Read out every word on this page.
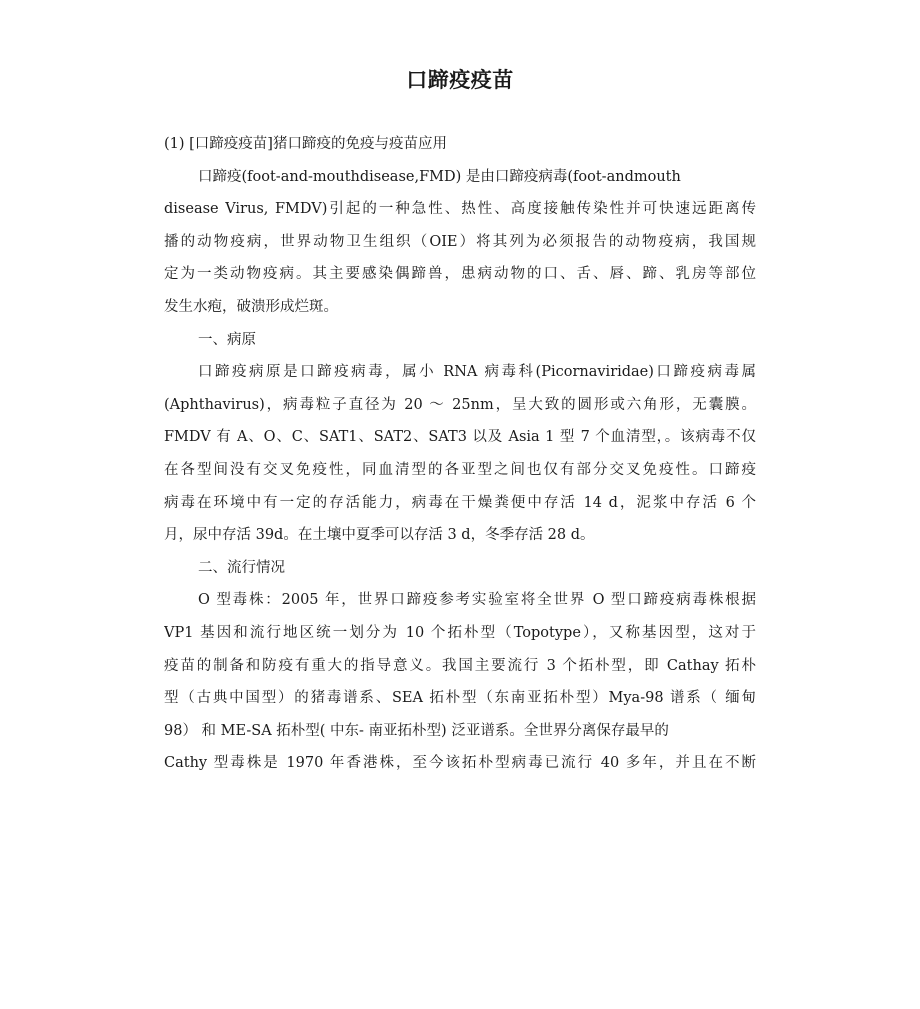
口蹄疫疫苗
(1) [口蹄疫疫苗]猪口蹄疫的免疫与疫苗应用
口蹄疫(foot-and-mouthdisease,FMD) 是由口蹄疫病毒(foot-andmouth
disease Virus, FMDV)引起的一种急性、热性、高度接触传染性并可快速远距离传
播的动物疫病，世界动物卫生组织（OIE）将其列为必须报告的动物疫病，我国规
定为一类动物疫病。其主要感染偶蹄兽，患病动物的口、舌、唇、蹄、乳房等部位
发生水疱，破溃形成烂斑。
一、病原
口蹄疫病原是口蹄疫病毒，属小 RNA 病毒科(Picornaviridae)口蹄疫病毒属
(Aphthavirus)，病毒粒子直径为 20 ～ 25nm，呈大致的圆形或六角形，无囊膜。
FMDV 有 A、O、C、SAT1、SAT2、SAT3 以及 Asia 1 型 7 个血清型，。该病毒不仅
在各型间没有交叉免疫性，同血清型的各亚型之间也仅有部分交叉免疫性。口蹄疫
病毒在环境中有一定的存活能力，病毒在干燥粪便中存活 14 d，泥浆中存活 6 个
月，尿中存活 39d。在土壤中夏季可以存活 3 d，冬季存活 28 d。
二、流行情况
O 型毒株：2005 年，世界口蹄疫参考实验室将全世界 O 型口蹄疫病毒株根据
VP1 基因和流行地区统一划分为 10 个拓朴型（Topotype），又称基因型，这对于
疫苗的制备和防疫有重大的指导意义。我国主要流行 3 个拓朴型，即 Cathay 拓朴
型（古典中国型）的猪毒谱系、SEA 拓朴型（东南亚拓朴型）Mya-98 谱系（ 缅甸
98） 和 ME-SA 拓朴型( 中东- 南亚拓朴型) 泛亚谱系。全世界分离保存最早的
Cathy 型毒株是 1970 年香港株，至今该拓朴型病毒已流行 40 多年，并且在不断
